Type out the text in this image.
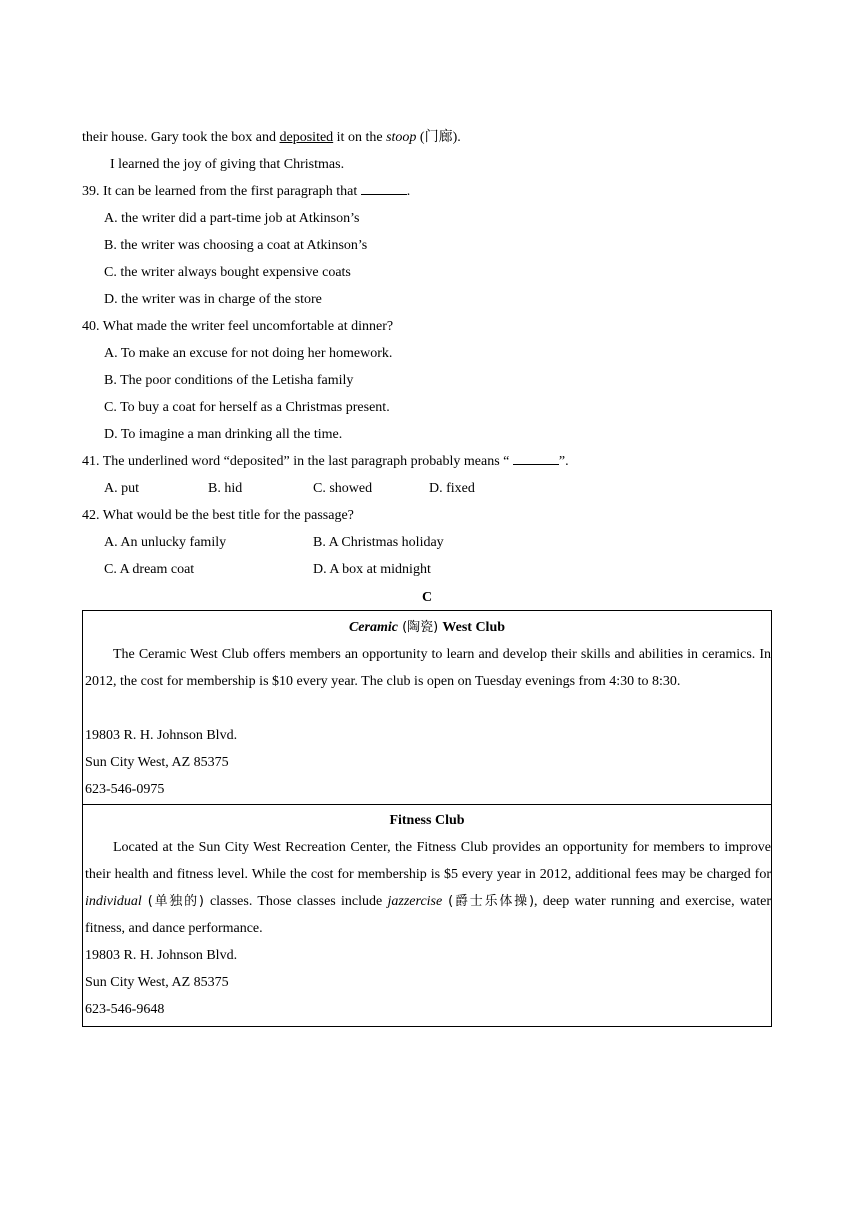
their house. Gary took the box and deposited it on the stoop (门廊).
I learned the joy of giving that Christmas.
39. It can be learned from the first paragraph that	.
A. the writer did a part-time job at Atkinson’s
B. the writer was choosing a coat at Atkinson’s
C. the writer always bought expensive coats
D. the writer was in charge of the store
40. What made the writer feel uncomfortable at dinner?
A. To make an excuse for not doing her homework.
B. The poor conditions of the Letisha family
C. To buy a coat for herself as a Christmas present.
D. To imagine a man drinking all the time.
41. The underlined word “deposited” in the last paragraph probably means “	”.
A. put	B. hid	C. showed	D. fixed
42. What would be the best title for the passage?
A. An unlucky family	B. A Christmas holiday
C. A dream coat	D. A box at midnight
C
Ceramic (陶瓷) West Club
The Ceramic West Club offers members an opportunity to learn and develop their skills and abilities in ceramics. In 2012, the cost for membership is $10 every year. The club is open on Tuesday evenings from 4:30 to 8:30.
19803 R. H. Johnson Blvd.
Sun City West, AZ 85375
623-546-0975
Fitness Club
Located at the Sun City West Recreation Center, the Fitness Club provides an opportunity for members to improve their health and fitness level. While the cost for membership is $5 every year in 2012, additional fees may be charged for individual (单独的) classes. Those classes include jazzercise (爵士乐体操), deep water running and exercise, water fitness, and dance performance.
19803 R. H. Johnson Blvd.
Sun City West, AZ 85375
623-546-9648
